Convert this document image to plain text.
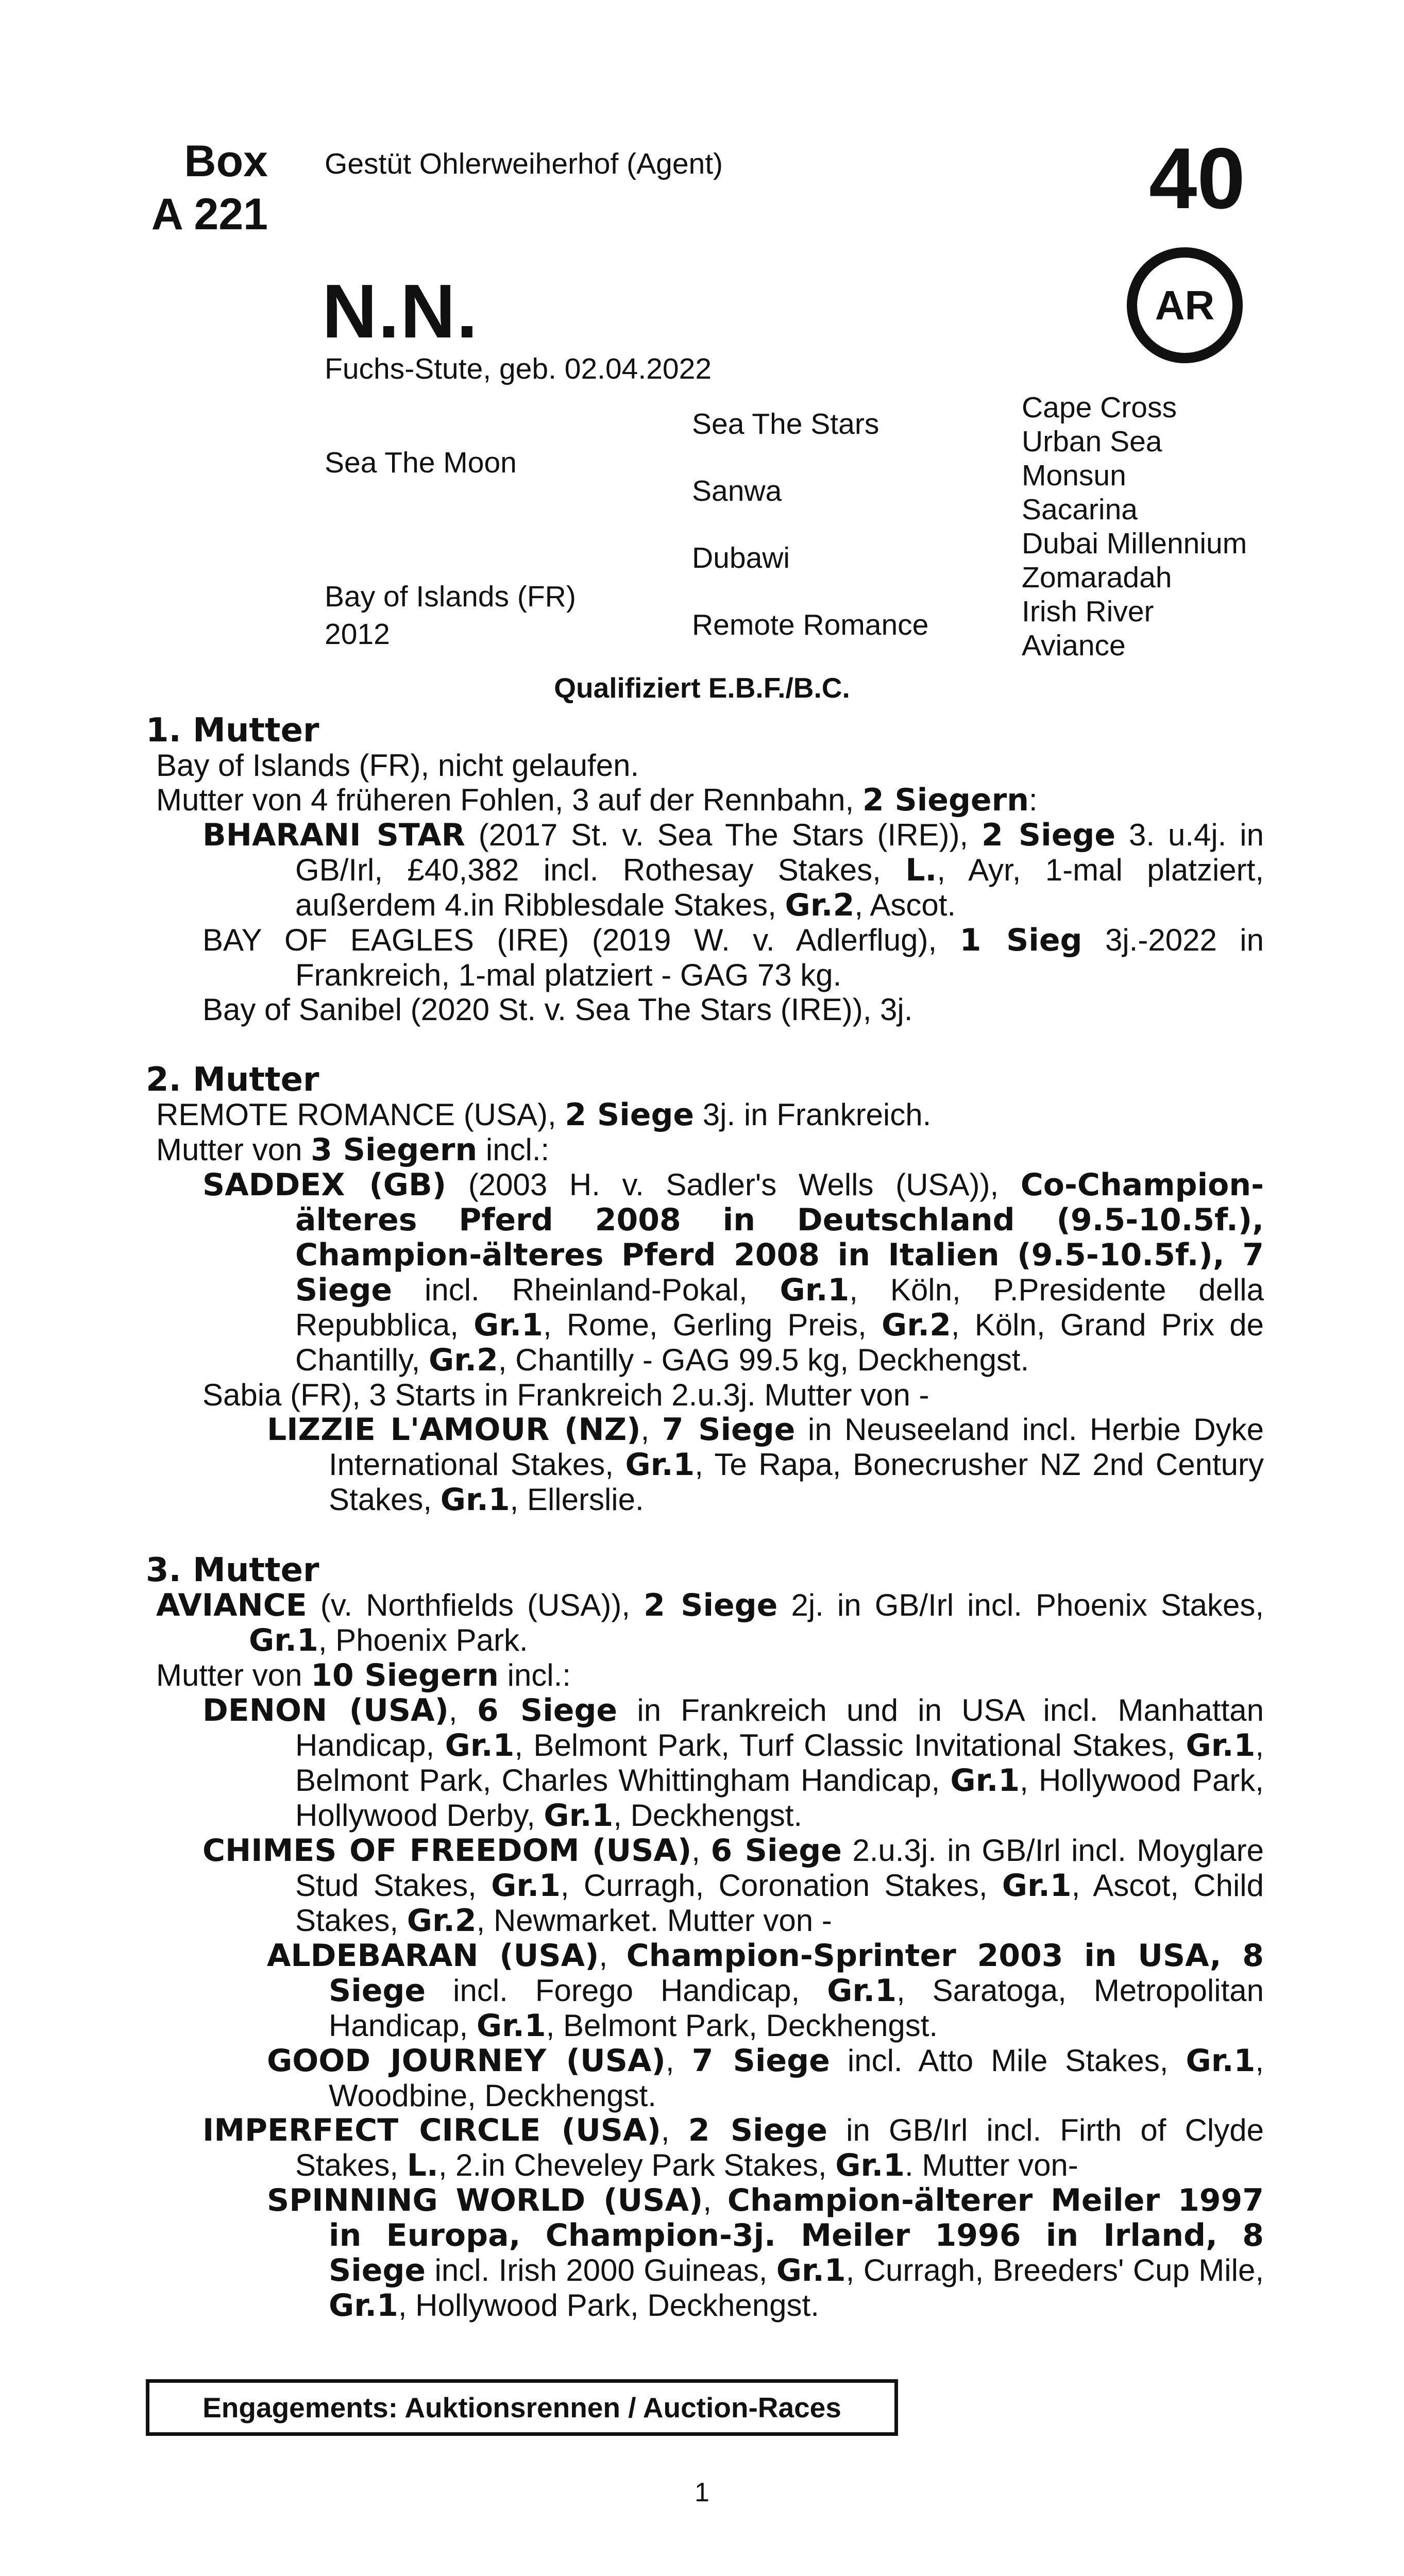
Box
A 221
Gestüt Ohlerweiherhof (Agent)	40
AR
N.N.
Fuchs-Stute, geb. 02.04.2022
Sea The Moon
Bay of Islands (FR)
2012
Sea The Stars
Sanwa
Dubawi
Remote Romance
Cape Cross
Urban Sea
Monsun
Sacarina
Dubai Millennium
Zomaradah
Irish River
Aviance
Qualifiziert E.B.F./B.C.
1. Mutter
Bay of Islands (FR), nicht gelaufen.
Mutter von 4 früheren Fohlen, 3 auf der Rennbahn, 2 Siegern:
BHARANI STAR (2017 St. v. Sea The Stars (IRE)), 2 Siege 3. u.4j. in GB/Irl, £40,382 incl. Rothesay Stakes, L., Ayr, 1-mal platziert, außerdem 4.in Ribblesdale Stakes, Gr.2, Ascot.
BAY OF EAGLES (IRE) (2019 W. v. Adlerflug), 1 Sieg 3j.-2022 in Frankreich, 1-mal platziert - GAG 73 kg.
Bay of Sanibel (2020 St. v. Sea The Stars (IRE)), 3j.
2. Mutter
REMOTE ROMANCE (USA), 2 Siege 3j. in Frankreich.
Mutter von 3 Siegern incl.:
SADDEX (GB) (2003 H. v. Sadler's Wells (USA)), Co-Champion-älteres Pferd 2008 in Deutschland (9.5-10.5f.), Champion-älteres Pferd 2008 in Italien (9.5-10.5f.), 7 Siege incl. Rheinland-Pokal, Gr.1, Köln, P.Presidente della Repubblica, Gr.1, Rome, Gerling Preis, Gr.2, Köln, Grand Prix de Chantilly, Gr.2, Chantilly - GAG 99.5 kg, Deckhengst.
Sabia (FR), 3 Starts in Frankreich 2.u.3j. Mutter von -
LIZZIE L'AMOUR (NZ), 7 Siege in Neuseeland incl. Herbie Dyke International Stakes, Gr.1, Te Rapa, Bonecrusher NZ 2nd Century Stakes, Gr.1, Ellerslie.
3. Mutter
AVIANCE (v. Northfields (USA)), 2 Siege 2j. in GB/Irl incl. Phoenix Stakes, Gr.1, Phoenix Park.
Mutter von 10 Siegern incl.:
DENON (USA), 6 Siege in Frankreich und in USA incl. Manhattan Handicap, Gr.1, Belmont Park, Turf Classic Invitational Stakes, Gr.1, Belmont Park, Charles Whittingham Handicap, Gr.1, Hollywood Park, Hollywood Derby, Gr.1, Deckhengst.
CHIMES OF FREEDOM (USA), 6 Siege 2.u.3j. in GB/Irl incl. Moyglare Stud Stakes, Gr.1, Curragh, Coronation Stakes, Gr.1, Ascot, Child Stakes, Gr.2, Newmarket. Mutter von -
ALDEBARAN (USA), Champion-Sprinter 2003 in USA, 8 Siege incl. Forego Handicap, Gr.1, Saratoga, Metropolitan Handicap, Gr.1, Belmont Park, Deckhengst.
GOOD JOURNEY (USA), 7 Siege incl. Atto Mile Stakes, Gr.1, Woodbine, Deckhengst.
IMPERFECT CIRCLE (USA), 2 Siege in GB/Irl incl. Firth of Clyde Stakes, L., 2.in Cheveley Park Stakes, Gr.1. Mutter von-
SPINNING WORLD (USA), Champion-älterer Meiler 1997 in Europa, Champion-3j. Meiler 1996 in Irland, 8 Siege incl. Irish 2000 Guineas, Gr.1, Curragh, Breeders' Cup Mile, Gr.1, Hollywood Park, Deckhengst.
Engagements: Auktionsrennen / Auction-Races
1
